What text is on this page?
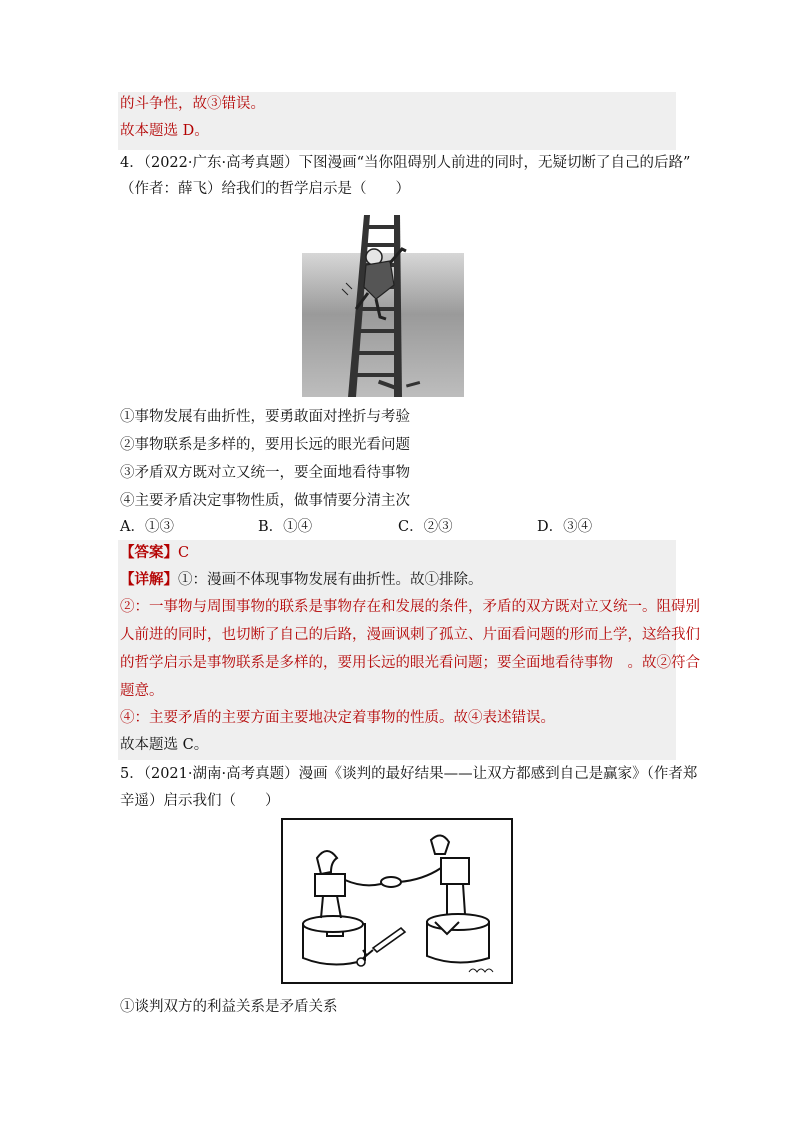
的斗争性，故③错误。
故本题选 D。
4．（2022·广东·高考真题）下图漫画“当你阻碍别人前进的同时，无疑切断了自己的后路”
（作者：薛飞）给我们的哲学启示是（　　）
①事物发展有曲折性，要勇敢面对挫折与考验
②事物联系是多样的，要用长远的眼光看问题
③矛盾双方既对立又统一，要全面地看待事物
④主要矛盾决定事物性质，做事情要分清主次
A．①③	B．①④	C．②③	D．③④
【答案】C
【详解】①：漫画不体现事物发展有曲折性。故①排除。
②：一事物与周围事物的联系是事物存在和发展的条件，矛盾的双方既对立又统一。阻碍别
人前进的同时，也切断了自己的后路，漫画讽刺了孤立、片面看问题的形而上学，这给我们
的哲学启示是事物联系是多样的，要用长远的眼光看问题；要全面地看待事物　。故②符合
题意。
④：主要矛盾的主要方面主要地决定着事物的性质。故④表述错误。
故本题选 C。
5．（2021·湖南·高考真题）漫画《谈判的最好结果——让双方都感到自己是赢家》（作者郑
辛遥）启示我们（　　）
①谈判双方的利益关系是矛盾关系
